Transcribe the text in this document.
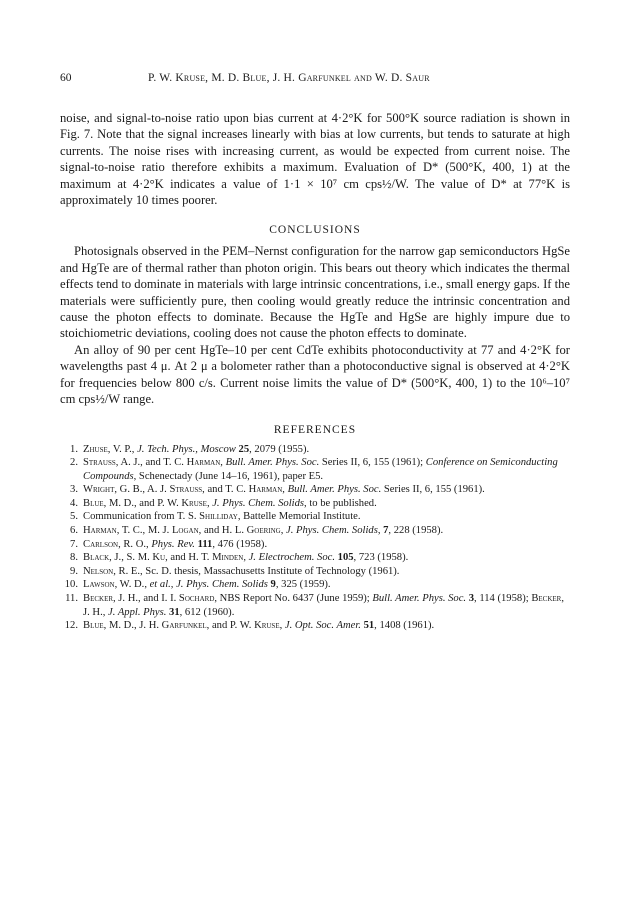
60	P. W. Kruse, M. D. Blue, J. H. Garfunkel and W. D. Saur

noise, and signal-to-noise ratio upon bias current at 4·2°K for 500°K source radiation is shown in Fig. 7. Note that the signal increases linearly with bias at low currents, but tends to saturate at high currents. The noise rises with increasing current, as would be expected from current noise. The signal-to-noise ratio therefore exhibits a maximum. Evaluation of D* (500°K, 400, 1) at the maximum at 4·2°K indicates a value of 1·1 × 10⁷ cm cps½/W. The value of D* at 77°K is approximately 10 times poorer.

CONCLUSIONS

Photosignals observed in the PEM–Nernst configuration for the narrow gap semiconductors HgSe and HgTe are of thermal rather than photon origin. This bears out theory which indicates the thermal effects tend to dominate in materials with large intrinsic concentrations, i.e., small energy gaps. If the materials were sufficiently pure, then cooling would greatly reduce the intrinsic concentration and cause the photon effects to dominate. Because the HgTe and HgSe are highly impure due to stoichiometric deviations, cooling does not cause the photon effects to dominate.

An alloy of 90 per cent HgTe–10 per cent CdTe exhibits photoconductivity at 77 and 4·2°K for wavelengths past 4 μ. At 2 μ a bolometer rather than a photoconductive signal is observed at 4·2°K for frequencies below 800 c/s. Current noise limits the value of D* (500°K, 400, 1) to the 10⁶–10⁷ cm cps½/W range.

REFERENCES
1. Zhuse, V. P., J. Tech. Phys., Moscow 25, 2079 (1955).
2. Strauss, A. J., and T. C. Harman, Bull. Amer. Phys. Soc. Series II, 6, 155 (1961); Conference on Semiconducting Compounds, Schenectady (June 14–16, 1961), paper E5.
3. Wright, G. B., A. J. Strauss, and T. C. Harman, Bull. Amer. Phys. Soc. Series II, 6, 155 (1961).
4. Blue, M. D., and P. W. Kruse, J. Phys. Chem. Solids, to be published.
5. Communication from T. S. Shilliday, Battelle Memorial Institute.
6. Harman, T. C., M. J. Logan, and H. L. Goering, J. Phys. Chem. Solids, 7, 228 (1958).
7. Carlson, R. O., Phys. Rev. 111, 476 (1958).
8. Black, J., S. M. Ku, and H. T. Minden, J. Electrochem. Soc. 105, 723 (1958).
9. Nelson, R. E., Sc. D. thesis, Massachusetts Institute of Technology (1961).
10. Lawson, W. D., et al., J. Phys. Chem. Solids 9, 325 (1959).
11. Becker, J. H., and I. I. Sochard, NBS Report No. 6437 (June 1959); Bull. Amer. Phys. Soc. 3, 114 (1958); Becker, J. H., J. Appl. Phys. 31, 612 (1960).
12. Blue, M. D., J. H. Garfunkel, and P. W. Kruse, J. Opt. Soc. Amer. 51, 1408 (1961).
